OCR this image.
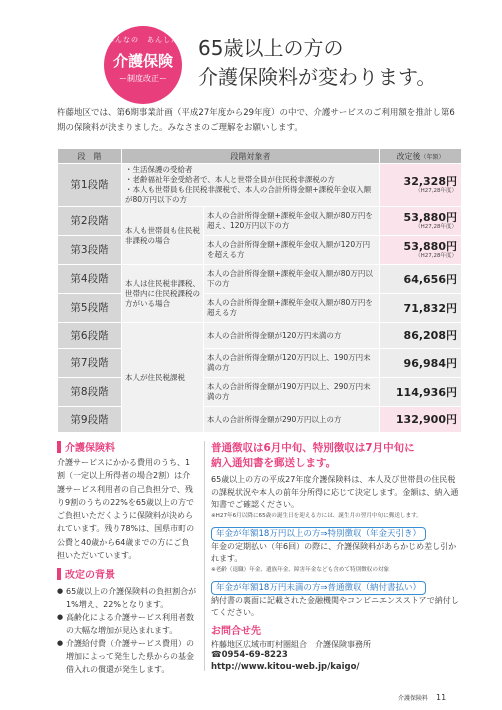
みんなの　あんしん
介護保険
ー制度改正ー
65歳以上の方の
介護保険料が変わります。
杵藤地区では、第6期事業計画（平成27年度から29年度）の中で、介護サービスのご利用額を推計し第6期の保険料が決まりました。みなさまのご理解をお願いします。
段　階	段階対象者		改定後（年額）
第1段階	・生活保護の受給者
・老齢福祉年金受給者で、本人と世帯全員が住民税非課税の方
・本人も世帯員も住民税非課税で、本人の合計所得金額+課税年金収入額が80万円以下の方		32,328円
（H27,28年度）

第2段階	本人も世帯員も住民税非課税の場合	本人の合計所得金額+課税年金収入額が80万円を超え、120万円以下の方	53,880円
（H27,28年度）

第3段階		本人の合計所得金額+課税年金収入額が120万円を超える方	53,880円
（H27,28年度）

第4段階	本人は住民税非課税、世帯内に住民税課税の方がいる場合	本人の合計所得金額+課税年金収入額が80万円以下の方	64,656円

第5段階		本人の合計所得金額+課税年金収入額が80万円を超える方	71,832円

第6段階	本人が住民税課税	本人の合計所得金額が120万円未満の方	86,208円

第7段階		本人の合計所得金額が120万円以上、190万円未満の方	96,984円

第8段階		本人の合計所得金額が190万円以上、290万円未満の方	114,936円

第9段階		本人の合計所得金額が290万円以上の方	132,900円
介護保険料

介護サービスにかかる費用のうち、1割（一定以上所得者の場合2割）は介護サービス利用者の自己負担分で、残り9割のうちの22%を65歳以上の方でご負担いただくように保険料が決められています。残り78%は、国県市町の公費と40歳から64歳までの方にご負担いただいています。

改定の背景
● 65歳以上の介護保険料の負担割合が1%増え、22%となります。
● 高齢化による介護サービス利用者数の大幅な増加が見込まれます。
● 介護給付費（介護サービス費用）の増加によって発生した県からの基金借入れの償還が発生します。
普通徴収は6月中旬、特別徴収は7月中旬に
納入通知書を郵送します。

65歳以上の方の平成27年度介護保険料は、本人及び世帯員の住民税の課税状況や本人の前年分所得に応じて決定します。金額は、納入通知書でご確認ください。

※H27年6月以降に65歳の誕生日を迎える方には、誕生月の翌月中旬に郵送します。
年金が年額18万円以上の方⇒特別徴収（年金天引き）

年金の定期払い（年6回）の際に、介護保険料があらかじめ差し引かれます。

※老齢（退職）年金、遺族年金、障害年金なども含めて特別徴収の対象
年金が年額18万円未満の方⇒普通徴収（納付書払い）

納付書の裏面に記載された金融機関やコンビニエンスストアで納付してください。

お問合せ先
杵藤地区広域市町村圏組合　介護保険事務所
☎0954-69-8223
http://www.kitou-web.jp/kaigo/
介護保険料 11
